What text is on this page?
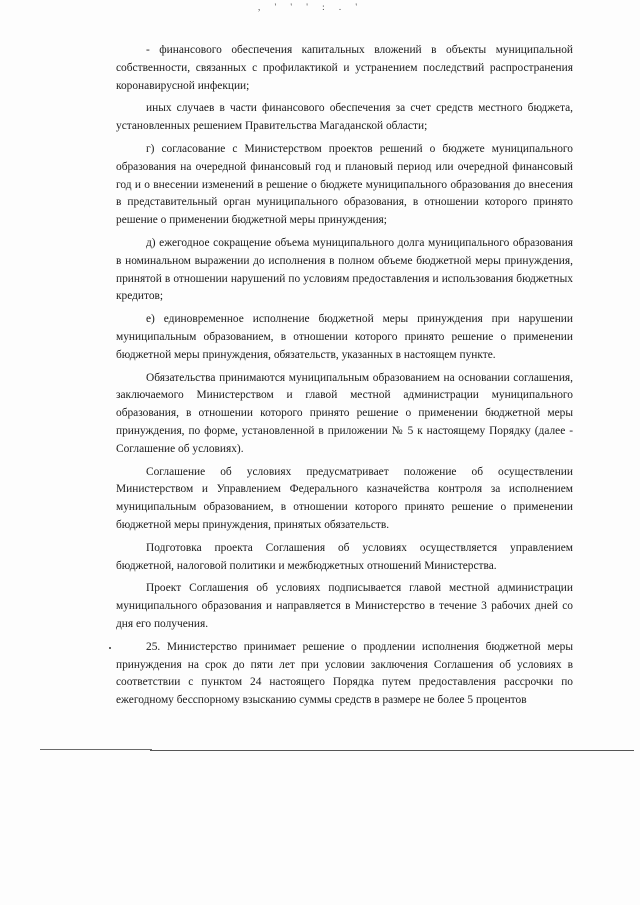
, ' ' ' : . '

- финансового обеспечения капитальных вложений в объекты муниципальной собственности, связанных с профилактикой и устранением последствий распространения коронавирусной инфекции;

иных случаев в части финансового обеспечения за счет средств местного бюджета, установленных решением Правительства Магаданской области;

г) согласование с Министерством проектов решений о бюджете муниципального образования на очередной финансовый год и плановый период или очередной финансовый год и о внесении изменений в решение о бюджете муниципального образования до внесения в представительный орган муниципального образования, в отношении которого принято решение о применении бюджетной меры принуждения;

д) ежегодное сокращение объема муниципального долга муниципального образования в номинальном выражении до исполнения в полном объеме бюджетной меры принуждения, принятой в отношении нарушений по условиям предоставления и использования бюджетных кредитов;

е) единовременное исполнение бюджетной меры принуждения при нарушении муниципальным образованием, в отношении которого принято решение о применении бюджетной меры принуждения, обязательств, указанных в настоящем пункте.

Обязательства принимаются муниципальным образованием на основании соглашения, заключаемого Министерством и главой местной администрации муниципального образования, в отношении которого принято решение о применении бюджетной меры принуждения, по форме, установленной в приложении № 5 к настоящему Порядку (далее - Соглашение об условиях).

Соглашение об условиях предусматривает положение об осуществлении Министерством и Управлением Федерального казначейства контроля за исполнением муниципальным образованием, в отношении которого принято решение о применении бюджетной меры принуждения, принятых обязательств.

Подготовка проекта Соглашения об условиях осуществляется управлением бюджетной, налоговой политики и межбюджетных отношений Министерства.

Проект Соглашения об условиях подписывается главой местной администрации муниципального образования и направляется в Министерство в течение 3 рабочих дней со дня его получения.

25. Министерство принимает решение о продлении исполнения бюджетной меры принуждения на срок до пяти лет при условии заключения Соглашения об условиях в соответствии с пунктом 24 настоящего Порядка путем предоставления рассрочки по ежегодному бесспорному взысканию суммы средств в размере не более 5 процентов
